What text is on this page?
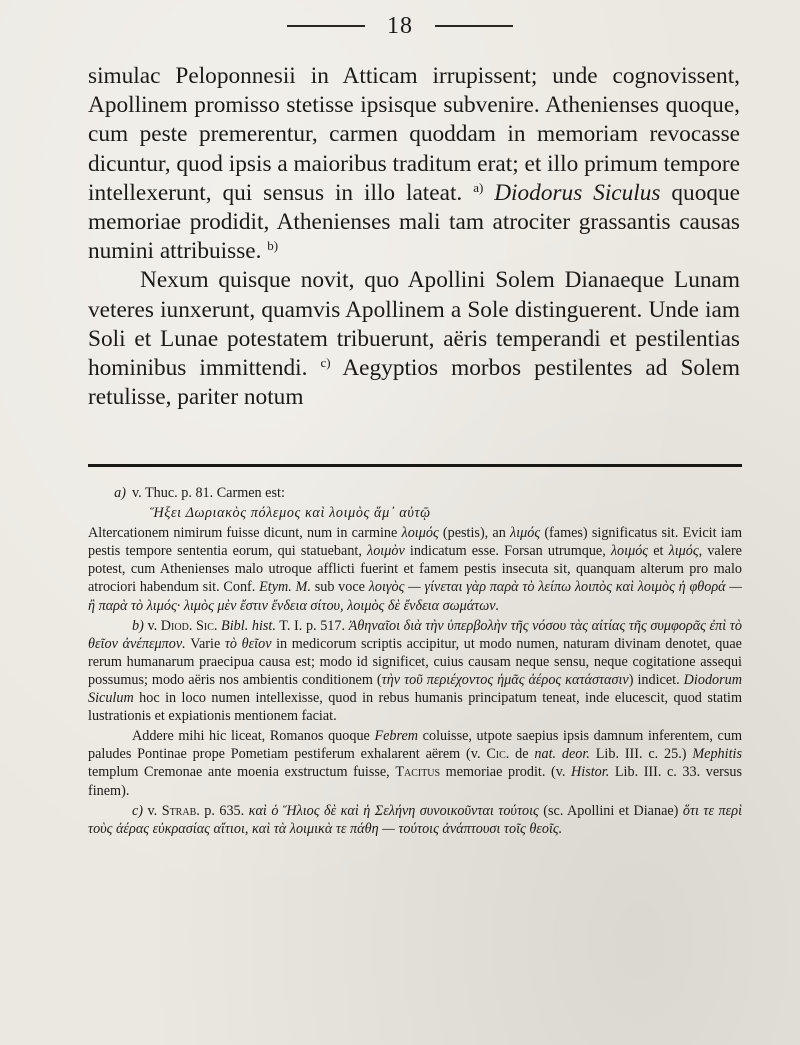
18

simulac Peloponnesii in Atticam irrupissent; unde cognovissent, Apollinem promisso stetisse ipsisque subvenire. Athenienses quoque, cum peste premerentur, carmen quoddam in memoriam revocasse dicuntur, quod ipsis a maioribus traditum erat; et illo primum tempore intellexerunt, qui sensus in illo lateat. $^{a)}$ Diodorus Siculus quoque memoriae prodidit, Athenienses mali tam atrociter grassantis causas numini attribuisse. $^{b)}$

Nexum quisque novit, quo Apollini Solem Dianaeque Lunam veteres iunxerunt, quamvis Apollinem a Sole distinguerent. Unde iam Soli et Lunae potestatem tribuerunt, aëris temperandi et pestilentias hominibus immittendi. $^{c)}$ Aegyptios morbos pestilentes ad Solem retulisse, pariter notum

a) v. Thuc. p. 81. Carmen est:
Ἥξει Δωριακὸς πόλεμος καὶ λοιμὸς ἅμ᾽ αὐτῷ
Altercationem nimirum fuisse dicunt, num in carmine λοιμός (pestis), an λιμός (fames) significatus sit. Evicit iam pestis tempore sententia eorum, qui statuebant, λοιμὸν indicatum esse. Forsan utrumque, λοιμός et λιμός, valere potest, cum Athenienses malo utroque afflicti fuerint et famem pestis insecuta sit, quanquam alterum pro malo atrociori habendum sit. Conf. Etym. M. sub voce λοιγὸς — γίνεται γὰρ παρὰ τὸ λείπω λοιπὸς καὶ λοιμὸς ἡ φθορά — ἢ παρὰ τὸ λιμός· λιμὸς μὲν ἔστιν ἔνδεια σίτου, λοιμὸς δὲ ἔνδεια σωμάτων.
b) v. Diod. Sic. Bibl. hist. T. I. p. 517. Ἀθηναῖοι διὰ τὴν ὑπερβολὴν τῆς νόσου τὰς αἰτίας τῆς συμφορᾶς ἐπὶ τὸ θεῖον ἀνέπεμπον. Varie τὸ θεῖον in medicorum scriptis accipitur, ut modo numen, naturam divinam denotet, quae rerum humanarum praecipua causa est; modo id significet, cuius causam neque sensu, neque cogitatione assequi possumus; modo aëris nos ambientis conditionem (τὴν τοῦ περιέχοντος ἡμᾶς ἀέρος κατάστασιν) indicet. Diodorum Siculum hoc in loco numen intellexisse, quod in rebus humanis principatum teneat, inde elucescit, quod statim lustrationis et expiationis mentionem faciat.
Addere mihi hic liceat, Romanos quoque Febrem coluisse, utpote saepius ipsis damnum inferentem, cum paludes Pontinae prope Pometiam pestiferum exhalarent aërem (v. Cic. de nat. deor. Lib. III. c. 25.) Mephitis templum Cremonae ante moenia exstructum fuisse, Tacitus memoriae prodit. (v. Histor. Lib. III. c. 33. versus finem).
c) v. Strab. p. 635. καὶ ὁ Ἥλιος δὲ καὶ ἡ Σελήνη συνοικοῦνται τούτοις (sc. Apollini et Dianae) ὅτι τε περὶ τοὺς ἀέρας εὐκρασίας αἴτιοι, καὶ τὰ λοιμικὰ τε πάθη — τούτοις ἀνάπτουσι τοῖς θεοῖς.
